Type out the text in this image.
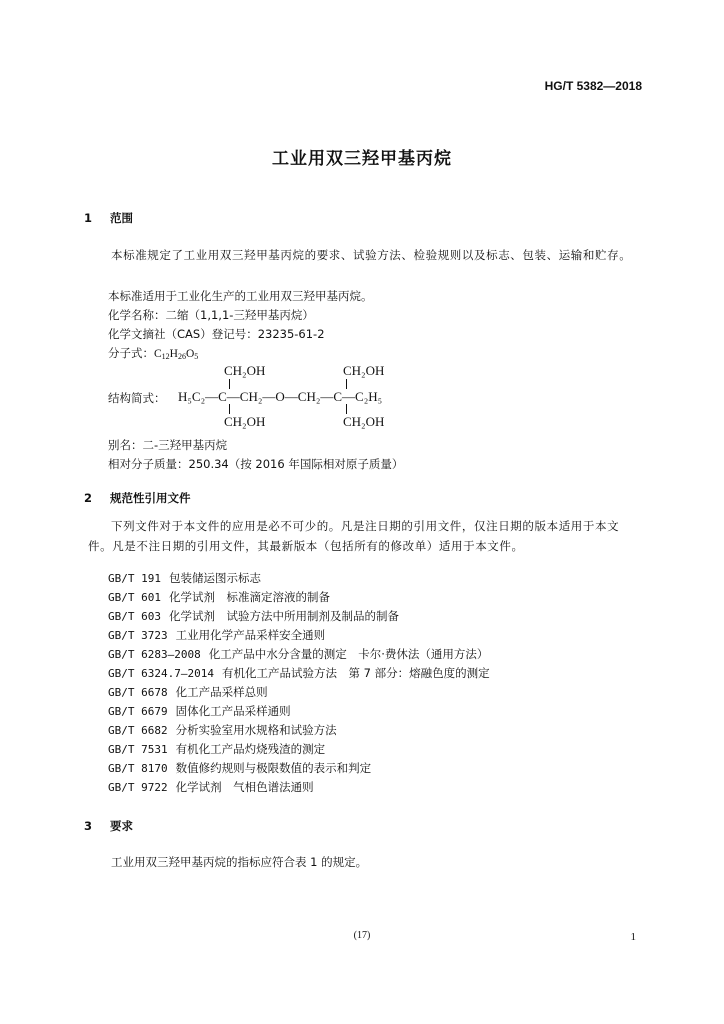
HG/T 5382—2018
工业用双三羟甲基丙烷
1 范围
本标准规定了工业用双三羟甲基丙烷的要求、试验方法、检验规则以及标志、包装、运输和贮存。
本标准适用于工业化生产的工业用双三羟甲基丙烷。
化学名称：二缩（1,1,1-三羟甲基丙烷）
化学文摘社（CAS）登记号：23235-61-2
分子式：$C_{12}H_{26}O_5$
结构简式：
CH₂OH	CH₂OH
H₅C₂—C—CH₂—O—CH₂—C—C₂H₅
CH₂OH	CH₂OH
别名：二-三羟甲基丙烷
相对分子质量：250.34（按 2016 年国际相对原子质量）
2 规范性引用文件
下列文件对于本文件的应用是必不可少的。凡是注日期的引用文件，仅注日期的版本适用于本文件。凡是不注日期的引用文件，其最新版本（包括所有的修改单）适用于本文件。
GB/T 191 包装储运图示标志
GB/T 601 化学试剂　标准滴定溶液的制备
GB/T 603 化学试剂　试验方法中所用制剂及制品的制备
GB/T 3723 工业用化学产品采样安全通则
GB/T 6283—2008 化工产品中水分含量的测定　卡尔·费休法（通用方法）
GB/T 6324.7—2014 有机化工产品试验方法　第 7 部分：熔融色度的测定
GB/T 6678 化工产品采样总则
GB/T 6679 固体化工产品采样通则
GB/T 6682 分析实验室用水规格和试验方法
GB/T 7531 有机化工产品灼烧残渣的测定
GB/T 8170 数值修约规则与极限数值的表示和判定
GB/T 9722 化学试剂　气相色谱法通则
3 要求
工业用双三羟甲基丙烷的指标应符合表 1 的规定。
(17)	1
